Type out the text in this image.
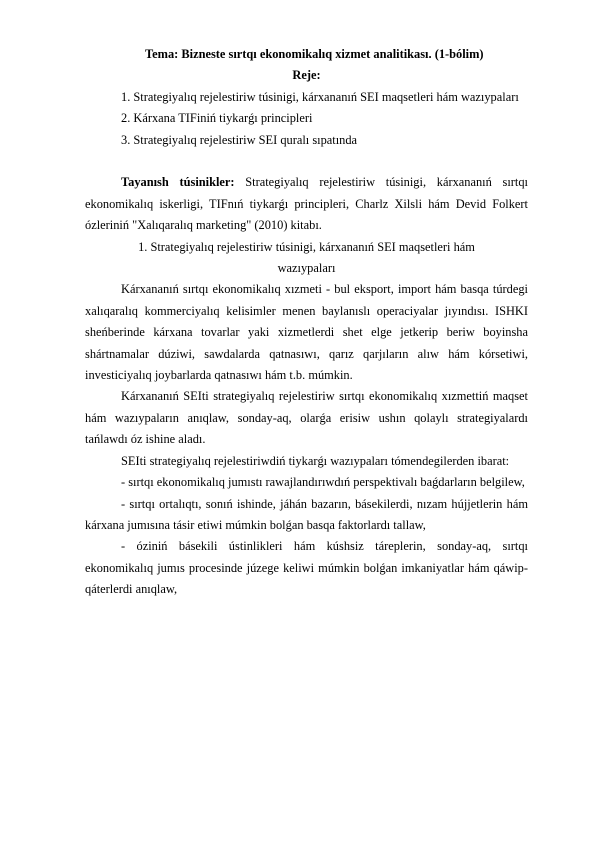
Tema: Bizneste sırtqı ekonomikalıq xizmet analitikası. (1-bólim)

Reje:

1. Strategiyalıq rejelestiriw túsinigi, kárxananıń SEI maqsetleri hám wazıypaları

2. Kárxana TIFiniń tiykarǵı principleri

3. Strategiyalıq rejelestiriw SEI quralı sıpatında

Tayanısh túsinikler: Strategiyalıq rejelestiriw túsinigi, kárxananıń sırtqı ekonomikalıq iskerligi, TIFnıń tiykarǵı principleri, Charlz Xilsli hám Devid Folkert ózleriniń "Xalıqaralıq marketing" (2010) kitabı.

1. Strategiyalıq rejelestiriw túsinigi, kárxananıń SEI maqsetleri hám

wazıypaları

Kárxananıń sırtqı ekonomikalıq xızmeti - bul eksport, import hám basqa túrdegi xalıqaralıq kommerciyalıq kelisimler menen baylanıslı operaciyalar jıyındısı. ISHKI sheńberinde kárxana tovarlar yaki xizmetlerdi shet elge jetkerip beriw boyinsha shártnamalar dúziwi, sawdalarda qatnasıwı, qarız qarjıların alıw hám kórsetiwi, investiciyalıq joybarlarda qatnasıwı hám t.b. múmkin.

Kárxananıń SEIti strategiyalıq rejelestiriw sırtqı ekonomikalıq xızmettiń maqset hám wazıypaların anıqlaw, sonday-aq, olarǵa erisiw ushın qolaylı strategiyalardı tańlawdı óz ishine aladı.

SEIti strategiyalıq rejelestiriwdiń tiykarǵı wazıypaları tómendegilerden ibarat:

- sırtqı ekonomikalıq jumıstı rawajlandırıwdıń perspektivalı baǵdarların belgilew,

- sırtqı ortalıqtı, sonıń ishinde, jáhán bazarın, básekilerdi, nızam hújjetlerin hám kárxana jumısına tásir etiwi múmkin bolǵan basqa faktorlardı tallaw,

- óziniń básekili ústinlikleri hám kúshsiz táreplerin, sonday-aq, sırtqı ekonomikalıq jumıs procesinde júzege keliwi múmkin bolǵan imkaniyatlar hám qáwip-qáterlerdi anıqlaw,
